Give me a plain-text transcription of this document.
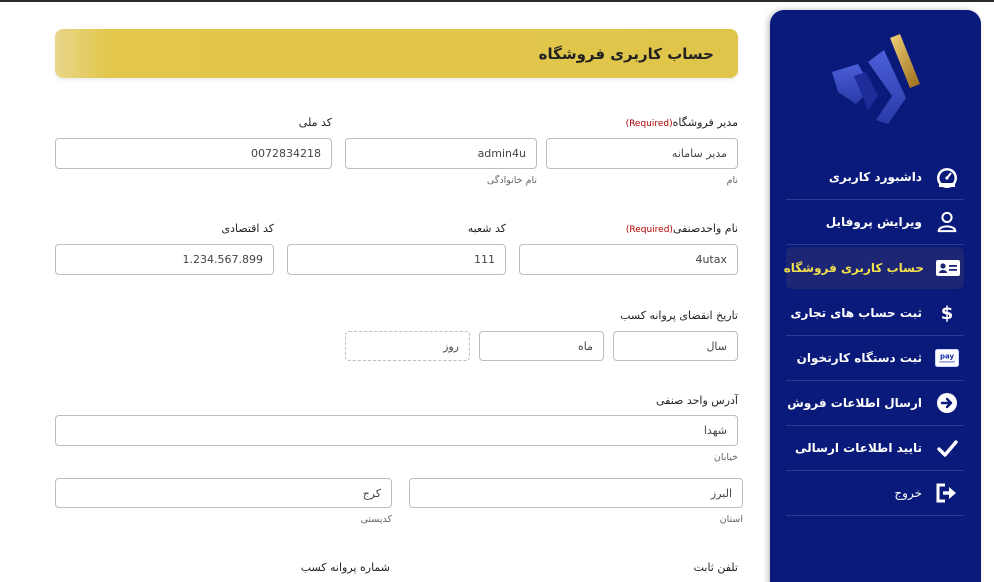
داشبورد کاربری
ویرایش پروفایل
حساب کاربری فروشگاه
ثبت حساب های تجاری	$
ثبت دستگاه کارتخوان	pay
ارسال اطلاعات فروش
تایید اطلاعات ارسالی
خروج
حساب کاربری فروشگاه
مدیر فروشگاه(Required)
کد ملی
مدیر سامانه
admin4u
0072834218
نام
نام خانوادگی
نام واحدصنفی(Required)
کد شعبه
کد اقتصادی
4utax
111
1.234.567.899
تاریخ انقضای پروانه کسب
سال
ماه
روز
آدرس واحد صنفی
شهدا
خیابان
البرز
کرج
استان
کدپستی
تلفن ثابت
شماره پروانه کسب
